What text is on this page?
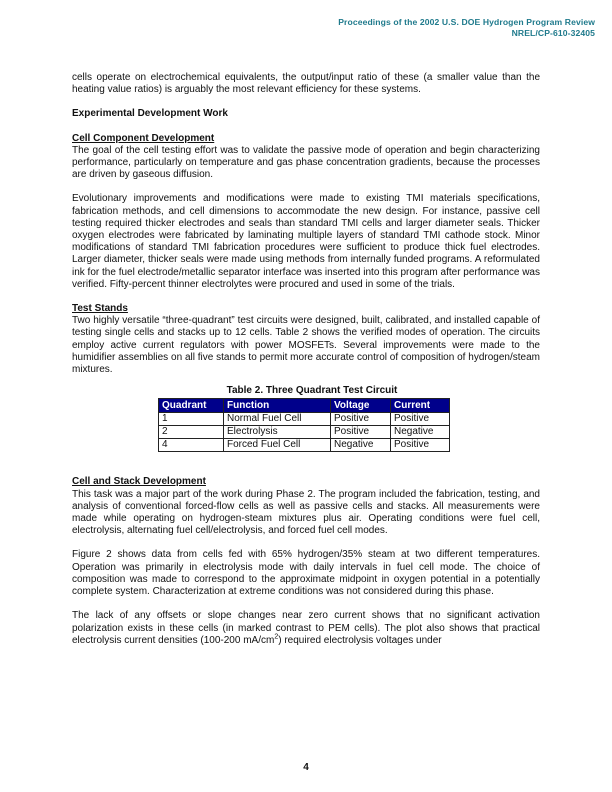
Proceedings of the 2002 U.S. DOE Hydrogen Program Review
NREL/CP-610-32405

cells operate on electrochemical equivalents, the output/input ratio of these (a smaller value than the heating value ratios) is arguably the most relevant efficiency for these systems.

Experimental Development Work

Cell Component Development

The goal of the cell testing effort was to validate the passive mode of operation and begin characterizing performance, particularly on temperature and gas phase concentration gradients, because the processes are driven by gaseous diffusion.

Evolutionary improvements and modifications were made to existing TMI materials specifications, fabrication methods, and cell dimensions to accommodate the new design. For instance, passive cell testing required thicker electrodes and seals than standard TMI cells and larger diameter seals. Thicker oxygen electrodes were fabricated by laminating multiple layers of standard TMI cathode stock. Minor modifications of standard TMI fabrication procedures were sufficient to produce thick fuel electrodes. Larger diameter, thicker seals were made using methods from internally funded programs. A reformulated ink for the fuel electrode/metallic separator interface was inserted into this program after performance was verified. Fifty-percent thinner electrolytes were procured and used in some of the trials.

Test Stands

Two highly versatile “three-quadrant” test circuits were designed, built, calibrated, and installed capable of testing single cells and stacks up to 12 cells. Table 2 shows the verified modes of operation. The circuits employ active current regulators with power MOSFETs. Several improvements were made to the humidifier assemblies on all five stands to permit more accurate control of composition of hydrogen/steam mixtures.

Table 2. Three Quadrant Test Circuit
Quadrant	Function	Voltage	Current
1	Normal Fuel Cell	Positive	Positive
2	Electrolysis	Positive	Negative
4	Forced Fuel Cell	Negative	Positive

Cell and Stack Development

This task was a major part of the work during Phase 2. The program included the fabrication, testing, and analysis of conventional forced-flow cells as well as passive cells and stacks. All measurements were made while operating on hydrogen-steam mixtures plus air. Operating conditions were fuel cell, electrolysis, alternating fuel cell/electrolysis, and forced fuel cell modes.

Figure 2 shows data from cells fed with 65% hydrogen/35% steam at two different temperatures. Operation was primarily in electrolysis mode with daily intervals in fuel cell mode. The choice of composition was made to correspond to the approximate midpoint in oxygen potential in a potentially complete system. Characterization at extreme conditions was not considered during this phase.

The lack of any offsets or slope changes near zero current shows that no significant activation polarization exists in these cells (in marked contrast to PEM cells). The plot also shows that practical electrolysis current densities (100-200 $mA/cm^2$) required electrolysis voltages under

4
